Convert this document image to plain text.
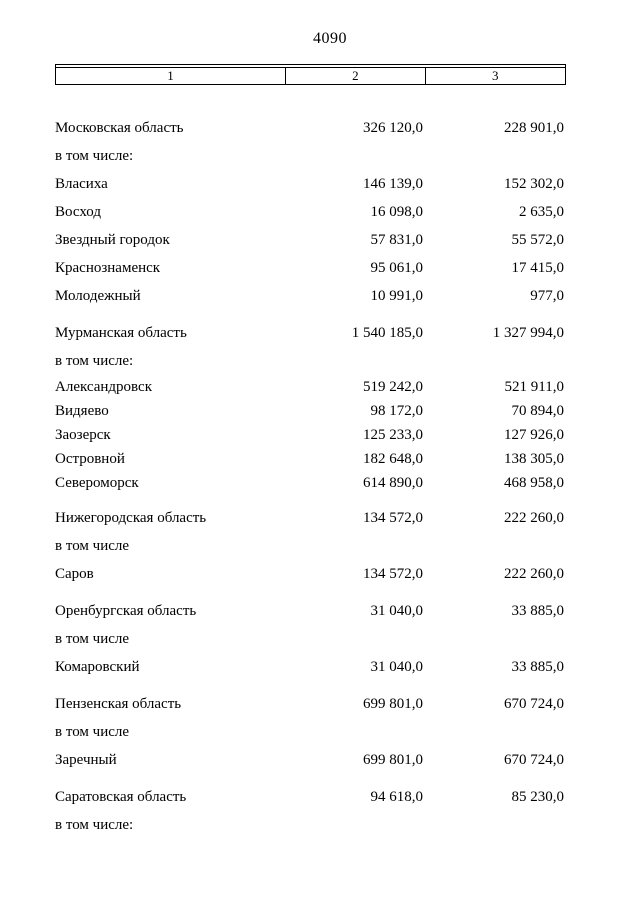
4090
1	2	3
Московская область	326 120,0	228 901,0
в том числе:
Власиха	146 139,0	152 302,0
Восход	16 098,0	2 635,0
Звездный городок	57 831,0	55 572,0
Краснознаменск	95 061,0	17 415,0
Молодежный	10 991,0	977,0
Мурманская область	1 540 185,0	1 327 994,0
в том числе:
Александровск	519 242,0	521 911,0
Видяево	98 172,0	70 894,0
Заозерск	125 233,0	127 926,0
Островной	182 648,0	138 305,0
Североморск	614 890,0	468 958,0
Нижегородская область	134 572,0	222 260,0
в том числе
Саров	134 572,0	222 260,0
Оренбургская область	31 040,0	33 885,0
в том числе
Комаровский	31 040,0	33 885,0
Пензенская область	699 801,0	670 724,0
в том числе
Заречный	699 801,0	670 724,0
Саратовская область	94 618,0	85 230,0
в том числе:
